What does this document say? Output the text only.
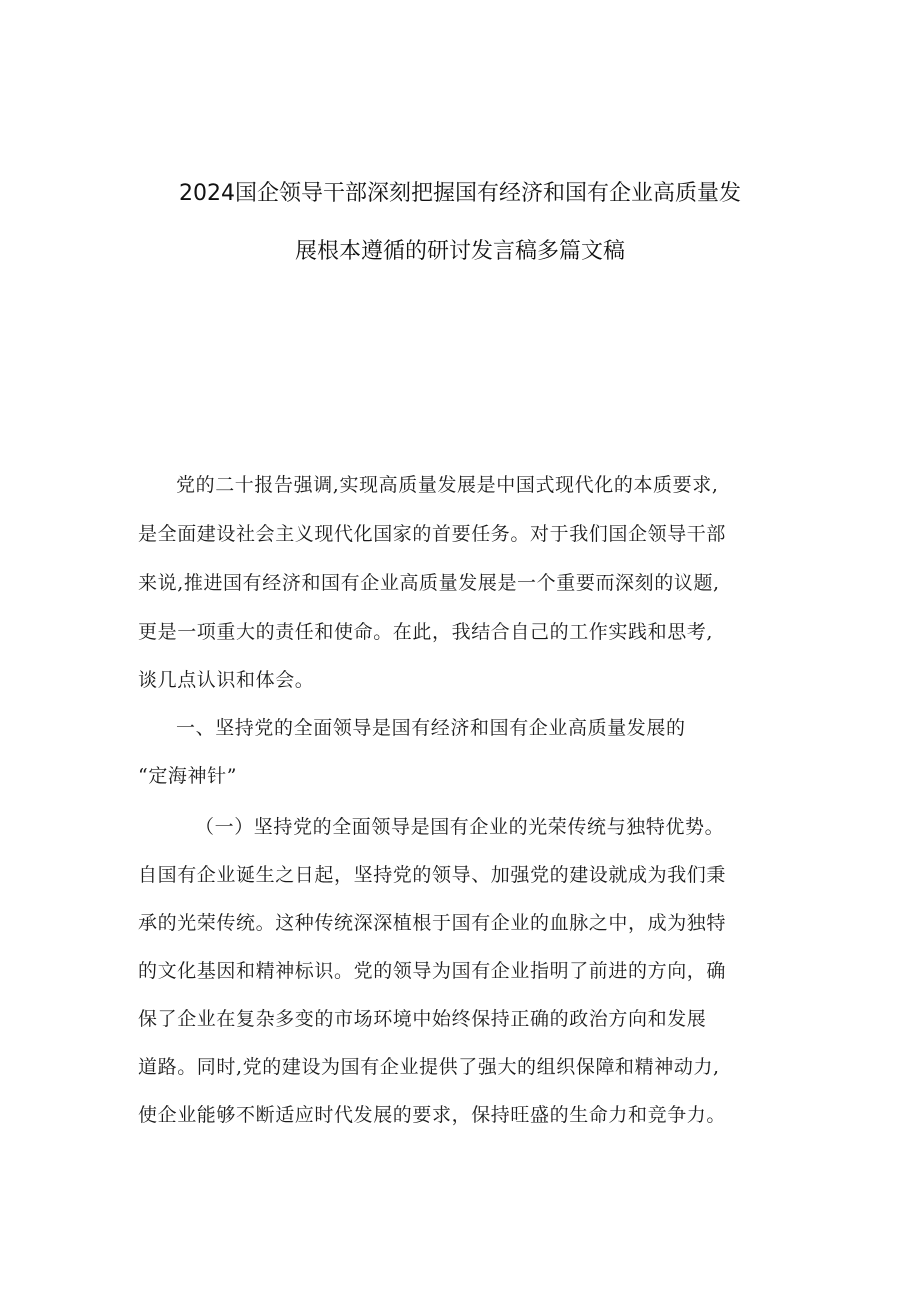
2024国企领导干部深刻把握国有经济和国有企业高质量发
展根本遵循的研讨发言稿多篇文稿
党的二十报告强调,实现高质量发展是中国式现代化的本质要求,
是全面建设社会主义现代化国家的首要任务。对于我们国企领导干部
来说,推进国有经济和国有企业高质量发展是一个重要而深刻的议题,
更是一项重大的责任和使命。在此，我结合自己的工作实践和思考,
谈几点认识和体会。
一、坚持党的全面领导是国有经济和国有企业高质量发展的
“定海神针”
（一）坚持党的全面领导是国有企业的光荣传统与独特优势。
自国有企业诞生之日起，坚持党的领导、加强党的建设就成为我们秉
承的光荣传统。这种传统深深植根于国有企业的血脉之中，成为独特
的文化基因和精神标识。党的领导为国有企业指明了前进的方向，确
保了企业在复杂多变的市场环境中始终保持正确的政治方向和发展
道路。同时,党的建设为国有企业提供了强大的组织保障和精神动力,
使企业能够不断适应时代发展的要求，保持旺盛的生命力和竞争力。
